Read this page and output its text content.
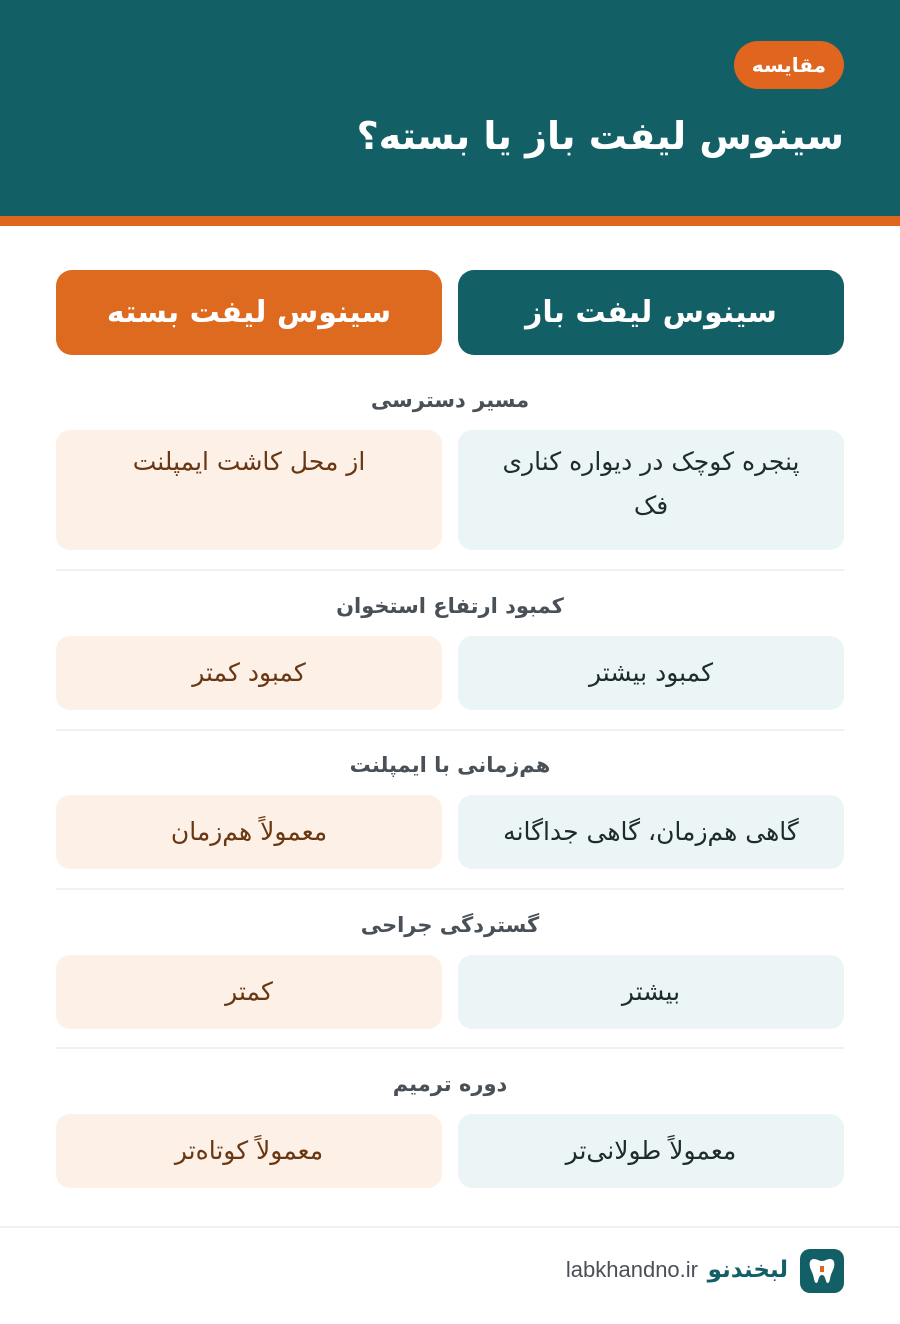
مقایسه
سینوس لیفت باز یا بسته؟
سینوس لیفت باز
سینوس لیفت بسته
مسیر دسترسی
پنجره کوچک در دیواره کناری فک
از محل کاشت ایمپلنت
کمبود ارتفاع استخوان
کمبود بیشتر
کمبود کمتر
هم‌زمانی با ایمپلنت
گاهی هم‌زمان، گاهی جداگانه
معمولاً هم‌زمان
گستردگی جراحی
بیشتر
کمتر
دوره ترمیم
معمولاً طولانی‌تر
معمولاً کوتاه‌تر
لبخندنو
labkhandno.ir
